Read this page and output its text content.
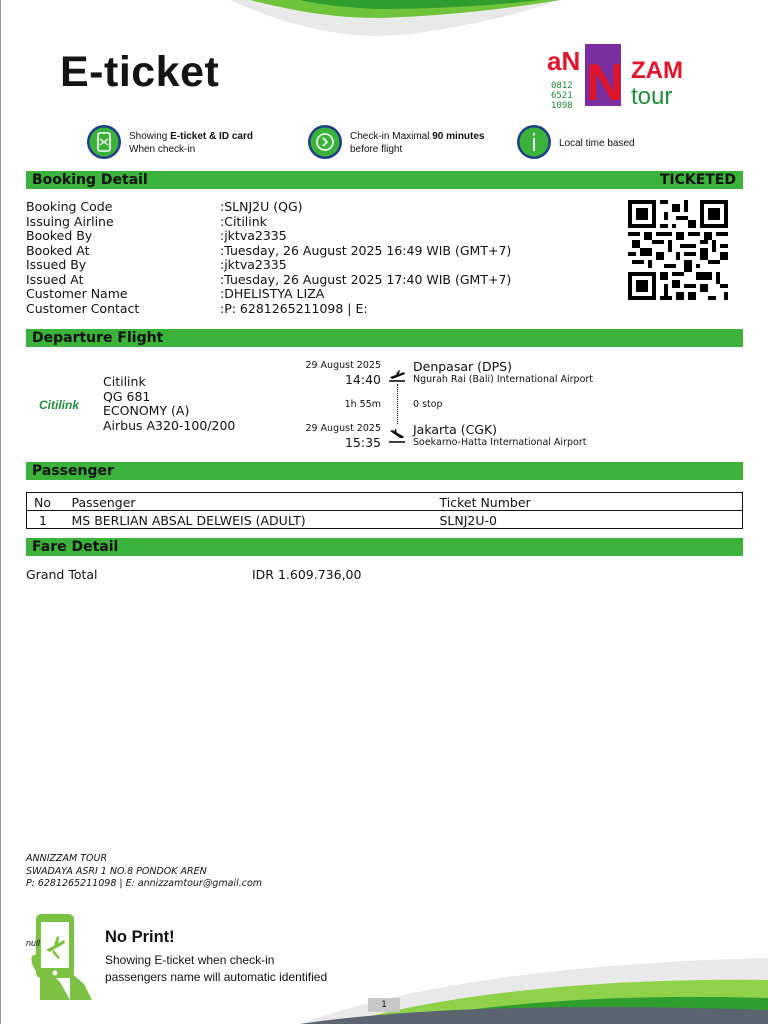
E-ticket	aN N ZAM
tour
0812
6521
1098
Showing E-ticket & ID card
When check-in
Check-in Maximal 90 minutes
before flight
Local time based
Booking Detail	TICKETED
Booking Code	:SLNJ2U (QG)
Issuing Airline	:Citilink
Booked By	:jktva2335
Booked At	:Tuesday, 26 August 2025 16:49 WIB (GMT+7)
Issued By	:jktva2335
Issued At	:Tuesday, 26 August 2025 17:40 WIB (GMT+7)
Customer Name	:DHELISTYA LIZA
Customer Contact	:P: 6281265211098 | E:
Departure Flight
Citilink
Citilink
QG 681
ECONOMY (A)
Airbus A320-100/200
29 August 2025
14:40
Denpasar (DPS)
Ngurah Rai (Bali) International Airport
1h 55m	0 stop
29 August 2025
15:35
Jakarta (CGK)
Soekarno-Hatta International Airport
Passenger
No	Passenger	Ticket Number
1	MS BERLIAN ABSAL DELWEIS (ADULT)	SLNJ2U-0
Fare Detail
Grand Total	IDR 1.609.736,00
ANNIZZAM TOUR
SWADAYA ASRI 1 NO.8 PONDOK AREN
P: 6281265211098 | E: annizzamtour@gmail.com
null	No Print!
Showing E-ticket when check-in
passengers name will automatic identified
1
